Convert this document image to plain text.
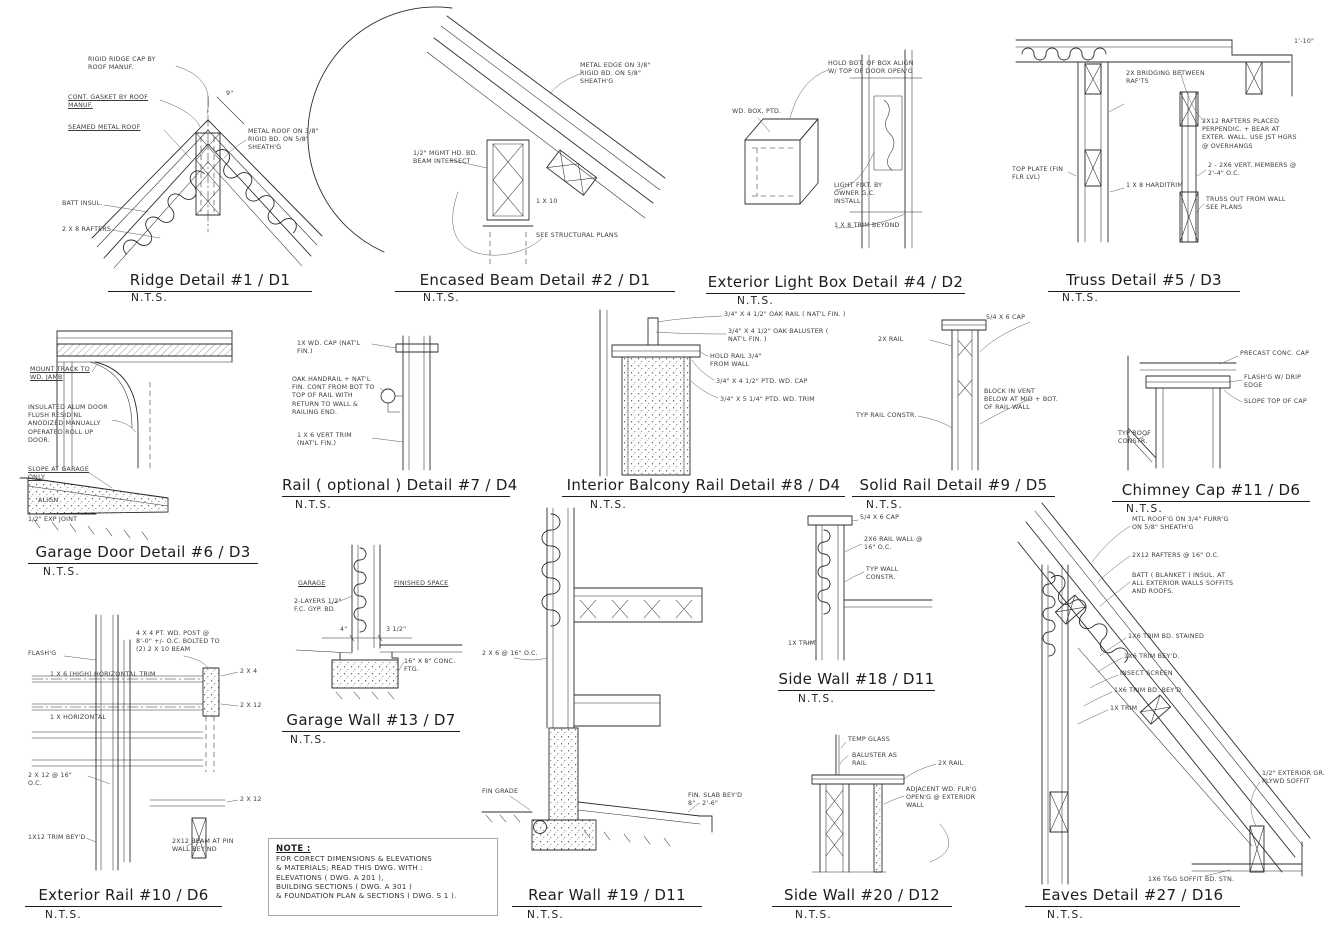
Ridge Detail #1 / D1
N.T.S.
Encased Beam Detail #2 / D1
N.T.S.
Exterior Light Box Detail #4 / D2
N.T.S.
Truss Detail #5 / D3
N.T.S.
Garage Door Detail #6 / D3
N.T.S.
Rail ( optional ) Detail #7 / D4
N.T.S.
Interior Balcony Rail Detail #8 / D4
N.T.S.
Solid Rail Detail #9 / D5
N.T.S.
Chimney Cap #11 / D6
N.T.S.
Garage Wall #13 / D7
N.T.S.
Side Wall #18 / D11
N.T.S.
Exterior Rail #10 / D6
N.T.S.
Rear Wall #19 / D11
N.T.S.
Side Wall #20 / D12
N.T.S.
Eaves Detail #27 / D16
N.T.S.
RIGID RIDGE CAP BY ROOF MANUF.
CONT. GASKET BY ROOF MANUF.
SEAMED METAL ROOF
METAL ROOF ON 3/8" RIGID BD. ON 5/8" SHEATH'G
BATT INSUL.
2 X 8 RAFTERS
9"
METAL EDGE ON 3/8" RIGID BD. ON 5/8" SHEATH'G
1/2" MGMT HD. BD. BEAM INTERSECT
1 X 10
SEE STRUCTURAL PLANS
HOLD BOT. OF BOX ALIGN W/ TOP OF DOOR OPEN'G
WD. BOX, PTD.
LIGHT FIXT. BY OWNER G.C. INSTALL
1 X 8 TRIM BEYOND
2X BRIDGING BETWEEN RAF'TS
2X12 RAFTERS PLACED PERPENDIC. + BEAR AT EXTER. WALL. USE JST HGRS @ OVERHANGS
1 X 8 HARDITRIM
TOP PLATE (FIN FLR LVL)
2 - 2X6 VERT. MEMBERS @ 2'-4" O.C.
TRUSS OUT FROM WALL SEE PLANS
1'-10"
MOUNT TRACK TO WD. JAMB
INSULATED ALUM DOOR FLUSH RESID'NL ANODIZED MANUALLY OPERATED ROLL UP DOOR.
SLOPE AT GARAGE ONLY
ALIGN
1/2" EXP JOINT
1X WD. CAP (NAT'L FIN.)
OAK HANDRAIL + NAT'L FIN. CONT FROM BOT TO TOP OF RAIL WITH RETURN TO WALL & RAILING END.
1 X 6 VERT TRIM (NAT'L FIN.)
3/4" X 4 1/2" OAK RAIL ( NAT'L FIN. )
3/4" X 4 1/2" OAK BALUSTER ( NAT'L FIN. )
HOLD RAIL 3/4" FROM WALL
3/4" X 4 1/2" PTD. WD. CAP
3/4" X 5 1/4" PTD. WD. TRIM
2X RAIL
5/4 X 6 CAP
BLOCK IN VENT BELOW AT MID + BOT. OF RAIL WALL
TYP RAIL CONSTR.
PRECAST CONC. CAP
FLASH'G W/ DRIP EDGE
SLOPE TOP OF CAP
TYP ROOF CONSTR.
GARAGE	FINISHED SPACE
2-LAYERS 1/2" F.C. GYP. BD.
4"	3 1/2"
16" X 8" CONC. FTG.
5/4 X 6 CAP
2X6 RAIL WALL @ 16" O.C.
TYP WALL CONSTR.
1X TRIM
4 X 4 PT. WD. POST @ 8'-0" +/- O.C. BOLTED TO (2) 2 X 10 BEAM
2 X 4
2 X 12
1 X 6 (HIGH) HORIZONTAL TRIM
1 X HORIZONTAL
FLASH'G
2 X 12
2X12 BEAM AT PIN WALL BEY'ND
1X12 TRIM BEY'D
2 X 12 @ 16" O.C.
2 X 6 @ 16" O.C.
FIN GRADE
FIN. SLAB BEY'D 8" - 2'-6"
TEMP GLASS
BALUSTER AS RAIL	2X RAIL
ADJACENT WD. FLR'G OPEN'G @ EXTERIOR WALL
MTL ROOF'G ON 3/4" FURR'G ON 5/8" SHEATH'G
2X12 RAFTERS @ 16" O.C.
BATT ( BLANKET ) INSUL. AT ALL EXTERIOR WALLS SOFFITS AND ROOFS.
1X6 TRIM BD. STAINED
1X6 TRIM BEY'D.
INSECT SCREEN
1X6 TRIM BD. BEY'D.
1X TRIM
1/2" EXTERIOR GR. PLYWD SOFFIT
1X6 T&G SOFFIT BD. STN.
NOTE :
FOR CORECT DIMENSIONS & ELEVATIONS
& MATERIALS; READ THIS DWG. WITH :
ELEVATIONS ( DWG. A 201 ),
BUILDING SECTIONS ( DWG. A 301 )
& FOUNDATION PLAN & SECTIONS ( DWG. S 1 ).
